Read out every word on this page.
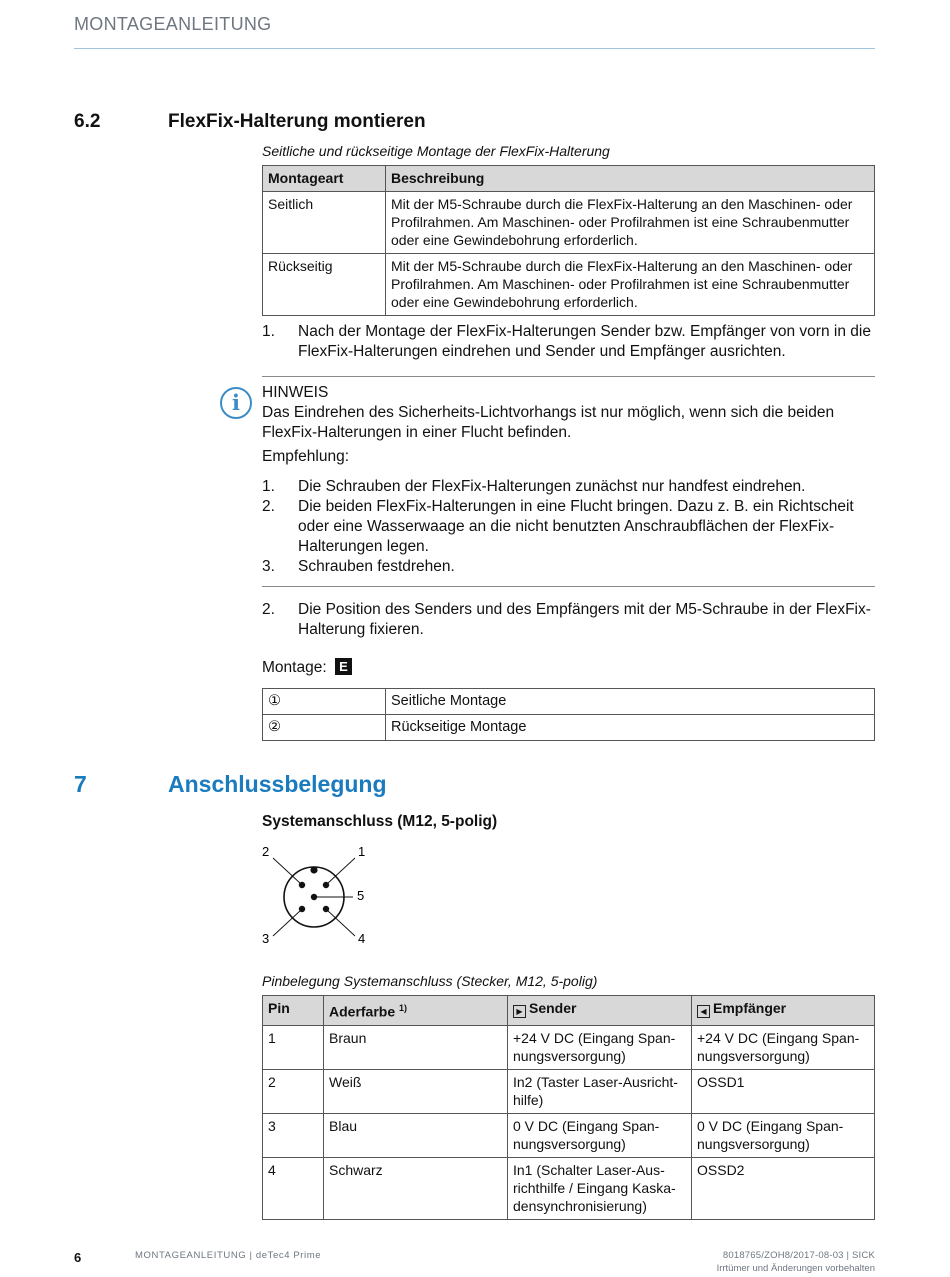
MONTAGEANLEITUNG
6.2	FlexFix-Halterung montieren
Seitliche und rückseitige Montage der FlexFix-Halterung
Montageart	Beschreibung
Seitlich	Mit der M5-Schraube durch die FlexFix-Halterung an den Maschinen- oder Profilrahmen. Am Maschinen- oder Profilrahmen ist eine Schraubenmutter oder eine Gewindebohrung erforderlich.
Rückseitig	Mit der M5-Schraube durch die FlexFix-Halterung an den Maschinen- oder Profilrahmen. Am Maschinen- oder Profilrahmen ist eine Schraubenmutter oder eine Gewindebohrung erforderlich.
1.	Nach der Montage der FlexFix-Halterungen Sender bzw. Empfänger von vorn in die FlexFix-Halterungen eindrehen und Sender und Empfänger ausrichten.
i	HINWEIS
Das Eindrehen des Sicherheits-Lichtvorhangs ist nur möglich, wenn sich die beiden FlexFix-Halterungen in einer Flucht befinden.
Empfehlung:
1.	Die Schrauben der FlexFix-Halterungen zunächst nur handfest eindrehen.
2.	Die beiden FlexFix-Halterungen in eine Flucht bringen. Dazu z. B. ein Richtscheit oder eine Wasserwaage an die nicht benutzten Anschraubflächen der FlexFix-Halterungen legen.
3.	Schrauben festdrehen.
2.	Die Position des Senders und des Empfängers mit der M5-Schraube in der FlexFix-Halterung fixieren.
Montage: E
①	Seitliche Montage
②	Rückseitige Montage
7	Anschlussbelegung
Systemanschluss (M12, 5-polig)
1
2
3	4
5
Pinbelegung Systemanschluss (Stecker, M12, 5-polig)
Pin	Aderfarbe $^{1)}$	▶ Sender	◀ Empfänger
1	Braun	+24 V DC (Eingang Span-nungsversorgung)	+24 V DC (Eingang Span-nungsversorgung)
2	Weiß	In2 (Taster Laser-Ausricht-hilfe)	OSSD1
3	Blau	0 V DC (Eingang Span-nungsversorgung)	0 V DC (Eingang Span-nungsversorgung)
4	Schwarz	In1 (Schalter Laser-Aus-richthilfe / Eingang Kaska-densynchronisierung)	OSSD2
6	MONTAGEANLEITUNG | deTec4 Prime	8018765/ZOH8/2017-08-03 | SICK
Irrtümer und Änderungen vorbehalten
